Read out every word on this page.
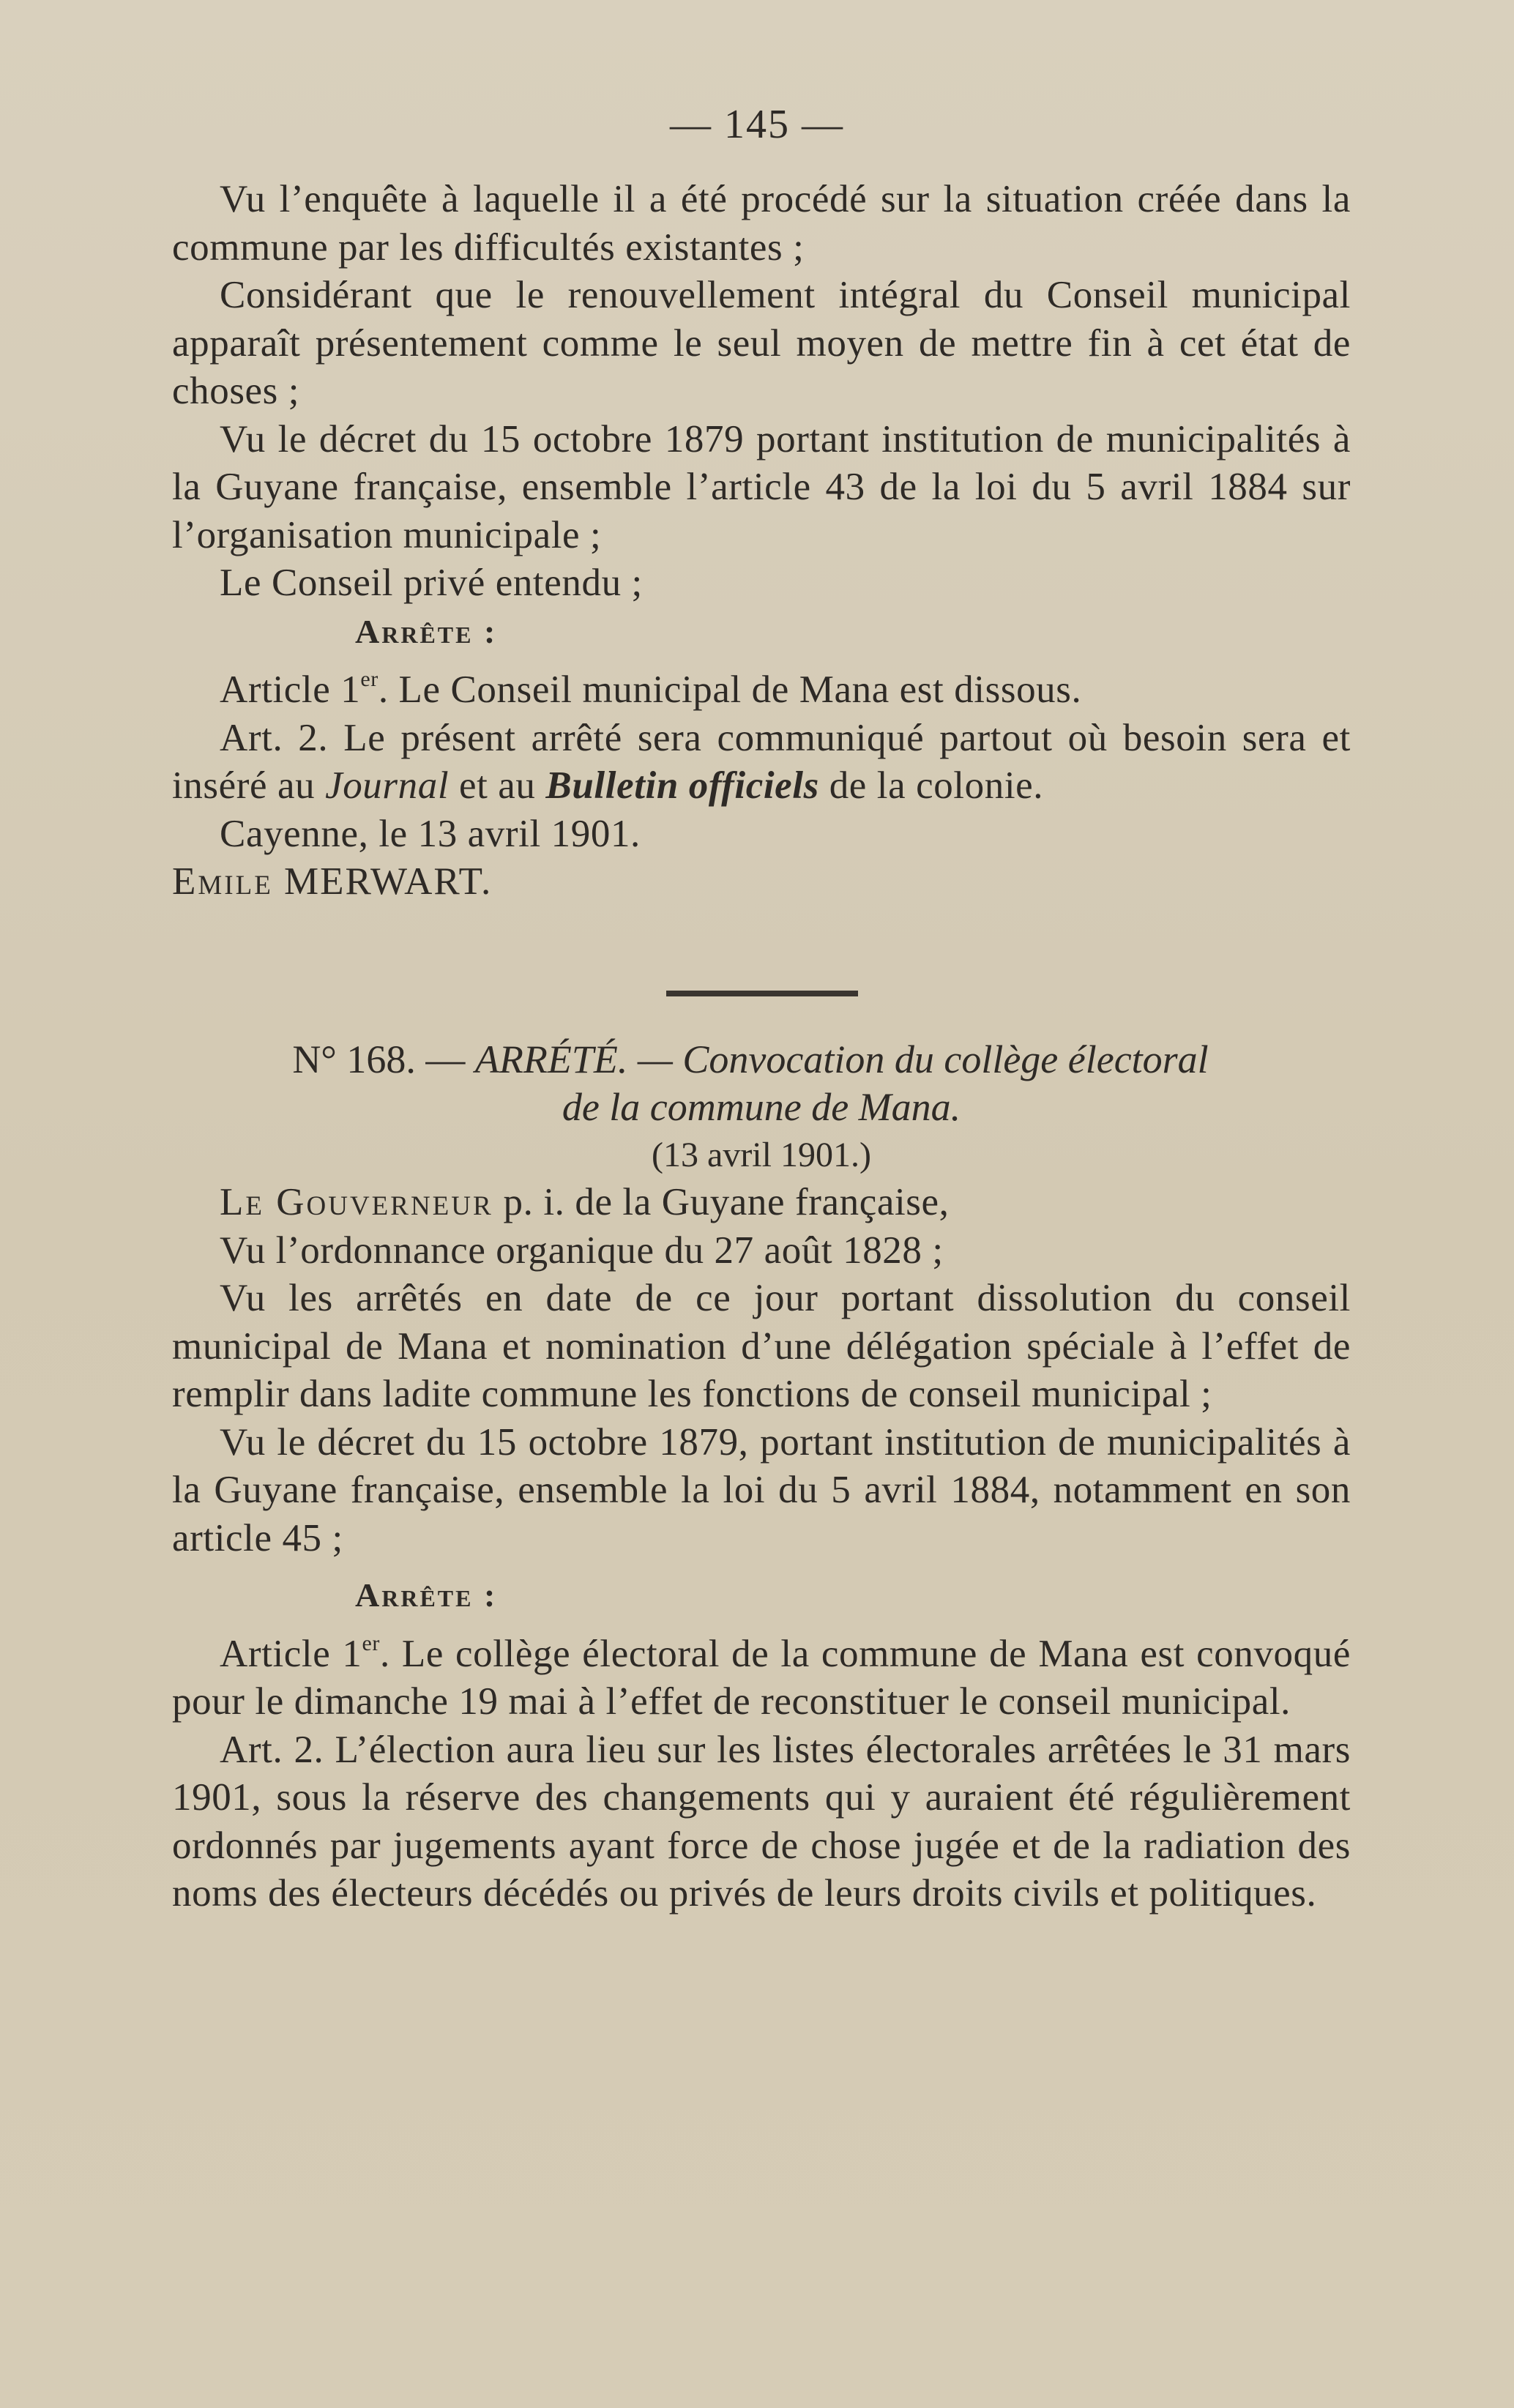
— 145 —

Vu l’enquête à laquelle il a été procédé sur la situation créée dans la commune par les difficultés existantes ;

Considérant que le renouvellement intégral du Conseil municipal apparaît présentement comme le seul moyen de mettre fin à cet état de choses ;

Vu le décret du 15 octobre 1879 portant institution de municipalités à la Guyane française, ensemble l’article 43 de la loi du 5 avril 1884 sur l’organisation municipale ;

Le Conseil privé entendu ;

Arrête :

Article 1er. Le Conseil municipal de Mana est dissous.

Art. 2. Le présent arrêté sera communiqué partout où besoin sera et inséré au Journal et au Bulletin officiels de la colonie.

Cayenne, le 13 avril 1901.

Emile MERWART.

N° 168. — ARRÉTÉ. — Convocation du collège électoral
de la commune de Mana.
(13 avril 1901.)

Le Gouverneur p. i. de la Guyane française,

Vu l’ordonnance organique du 27 août 1828 ;

Vu les arrêtés en date de ce jour portant dissolution du conseil municipal de Mana et nomination d’une délégation spéciale à l’effet de remplir dans ladite commune les fonctions de conseil municipal ;

Vu le décret du 15 octobre 1879, portant institution de municipalités à la Guyane française, ensemble la loi du 5 avril 1884, notamment en son article 45 ;

Arrête :

Article 1er. Le collège électoral de la commune de Mana est convoqué pour le dimanche 19 mai à l’effet de reconstituer le conseil municipal.

Art. 2. L’élection aura lieu sur les listes électorales arrêtées le 31 mars 1901, sous la réserve des changements qui y auraient été régulièrement ordonnés par jugements ayant force de chose jugée et de la radiation des noms des électeurs décédés ou privés de leurs droits civils et politiques.
